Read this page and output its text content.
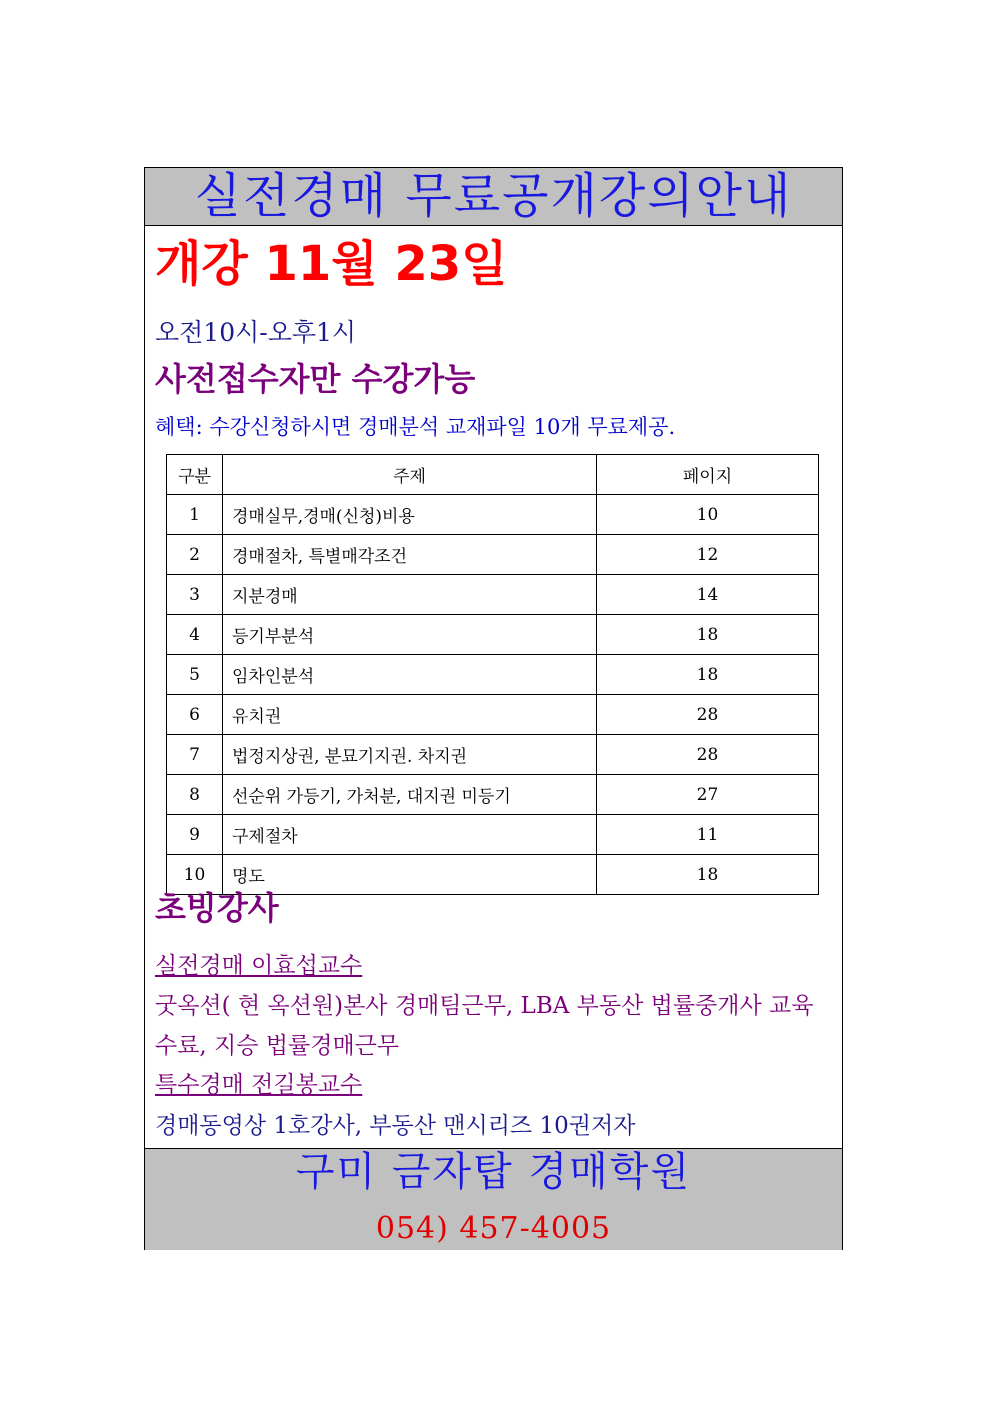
실전경매 무료공개강의안내
개강 11월 23일
오전10시-오후1시
사전접수자만 수강가능
혜택: 수강신청하시면 경매분석 교재파일 10개 무료제공.
구분	주제	페이지
1	경매실무,경매(신청)비용	10
2	경매절차, 특별매각조건	12
3	지분경매	14
4	등기부분석	18
5	임차인분석	18
6	유치권	28
7	법정지상권, 분묘기지권. 차지권	28
8	선순위 가등기, 가처분, 대지권 미등기	27
9	구제절차	11
10	명도	18
초빙강사
실전경매 이효섭교수
굿옥션( 현 옥션원)본사 경매팀근무, LBA 부동산 법률중개사 교육수료, 지승 법률경매근무
특수경매 전길봉교수
경매동영상 1호강사, 부동산 맨시리즈 10권저자
구미 금자탑 경매학원
054) 457-4005
